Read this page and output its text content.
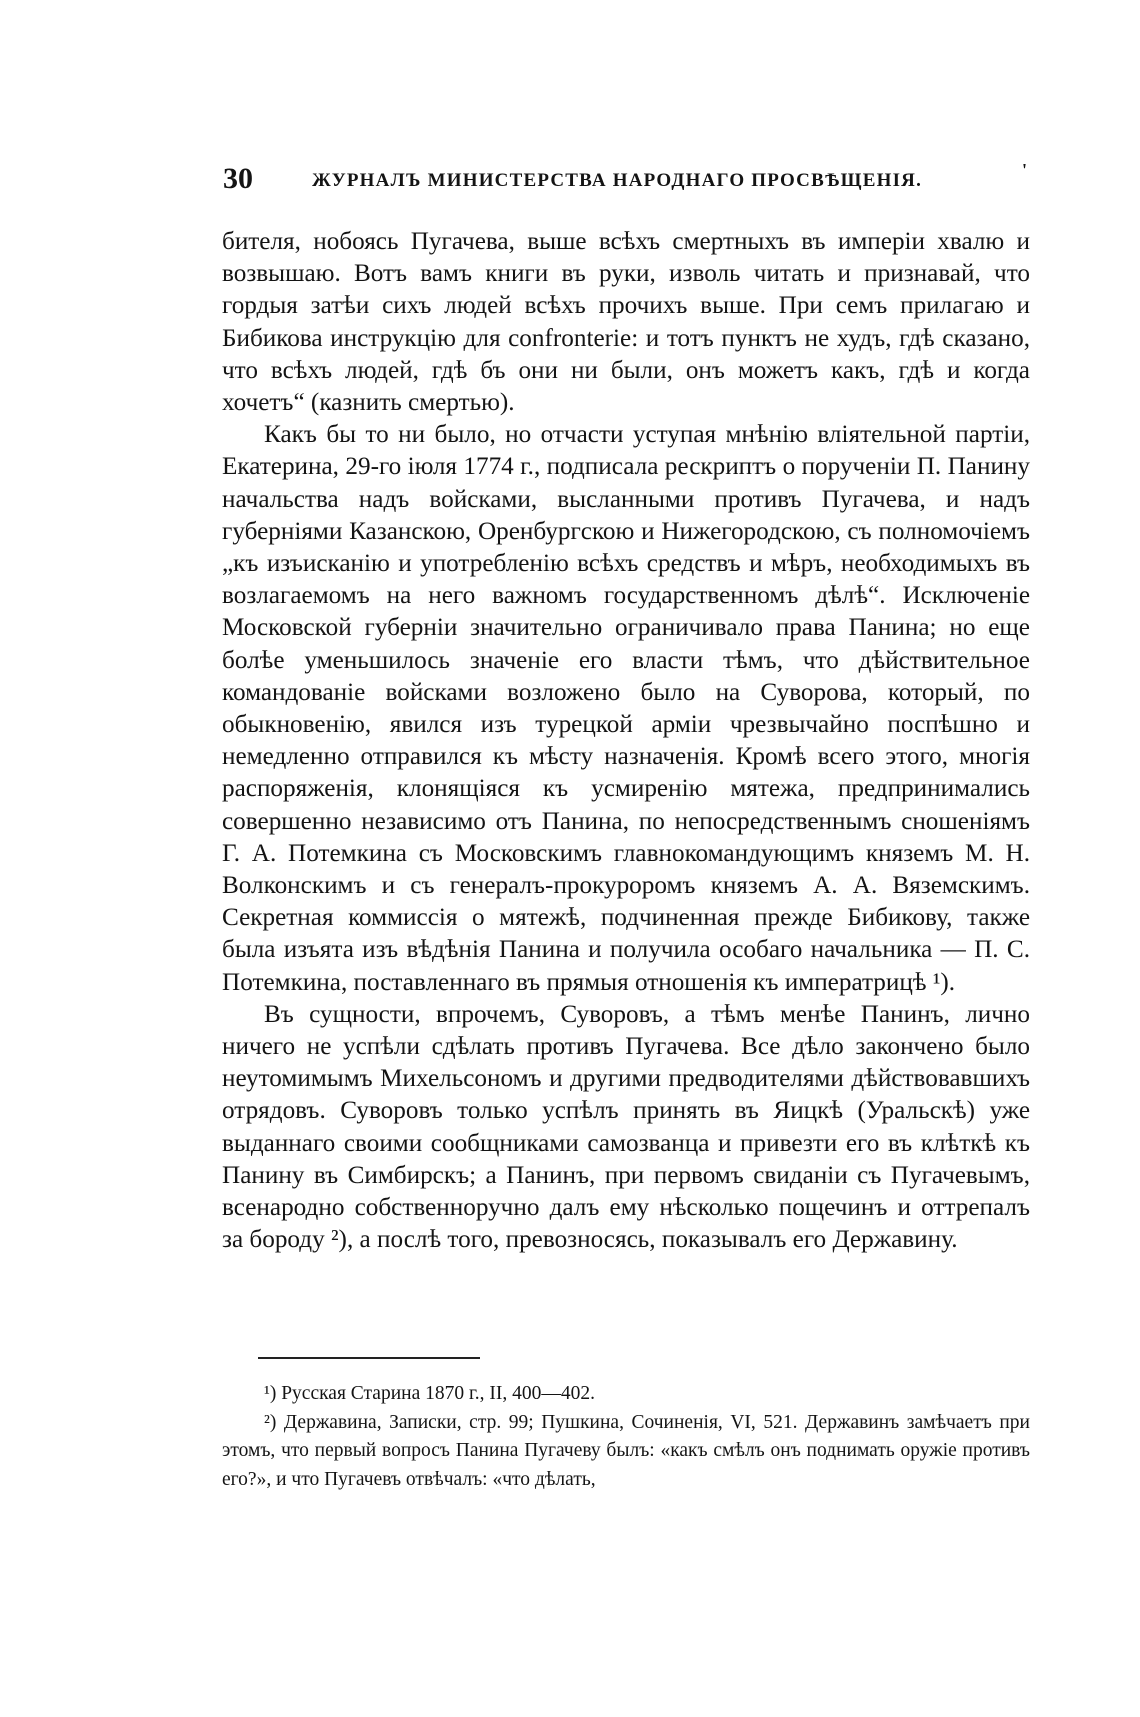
30	ЖУРНАЛЪ МИНИСТЕРСТВА НАРОДНАГО ПРОСВѢЩЕНІЯ.	'

бителя, нобоясь Пугачева, выше всѣхъ смертныхъ въ имперіи хвалю и возвышаю. Вотъ вамъ книги въ руки, изволь читать и признавай, что гордыя затѣи сихъ людей всѣхъ прочихъ выше. При семъ прилагаю и Бибикова инструкцію для confronterie: и тотъ пунктъ не худъ, гдѣ сказано, что всѣхъ людей, гдѣ бъ они ни были, онъ можетъ какъ, гдѣ и когда хочетъ“ (казнить смертью).

Какъ бы то ни было, но отчасти уступая мнѣнію вліятельной партіи, Екатерина, 29-го іюля 1774 г., подписала рескриптъ о порученіи П. Панину начальства надъ войсками, высланными противъ Пугачева, и надъ губерніями Казанскою, Оренбургскою и Нижегородскою, съ полномочіемъ „къ изъисканію и употребленію всѣхъ средствъ и мѣръ, необходимыхъ въ возлагаемомъ на него важномъ государственномъ дѣлѣ“. Исключеніе Московской губерніи значительно ограничивало права Панина; но еще болѣе уменьшилось значеніе его власти тѣмъ, что дѣйствительное командованіе войсками возложено было на Суворова, который, по обыкновенію, явился изъ турецкой арміи чрезвычайно поспѣшно и немедленно отправился къ мѣсту назначенія. Кромѣ всего этого, многія распоряженія, клонящіяся къ усмиренію мятежа, предпринимались совершенно независимо отъ Панина, по непосредственнымъ сношеніямъ Г. А. Потемкина съ Московскимъ главнокомандующимъ княземъ М. Н. Волконскимъ и съ генералъ-прокуроромъ княземъ А. А. Вяземскимъ. Секретная коммиссія о мятежѣ, подчиненная прежде Бибикову, также была изъята изъ вѣдѣнія Панина и получила особаго начальника — П. С. Потемкина, поставленнаго въ прямыя отношенія къ императрицѣ ¹).

Въ сущности, впрочемъ, Суворовъ, а тѣмъ менѣе Панинъ, лично ничего не успѣли сдѣлать противъ Пугачева. Все дѣло закончено было неутомимымъ Михельсономъ и другими предводителями дѣйствовавшихъ отрядовъ. Суворовъ только успѣлъ принять въ Яицкѣ (Уральскѣ) уже выданнаго своими сообщниками самозванца и привезти его въ клѣткѣ къ Панину въ Симбирскъ; а Панинъ, при первомъ свиданіи съ Пугачевымъ, всенародно собственноручно далъ ему нѣсколько пощечинъ и оттрепалъ за бороду ²), а послѣ того, превозносясь, показывалъ его Державину.

¹) Русская Старина 1870 г., II, 400—402.

²) Державина, Записки, стр. 99; Пушкина, Сочиненія, VI, 521. Державинъ замѣчаетъ при этомъ, что первый вопросъ Панина Пугачеву былъ: «какъ смѣлъ онъ поднимать оружіе противъ его?», и что Пугачевъ отвѣчалъ: «что дѣлать,
